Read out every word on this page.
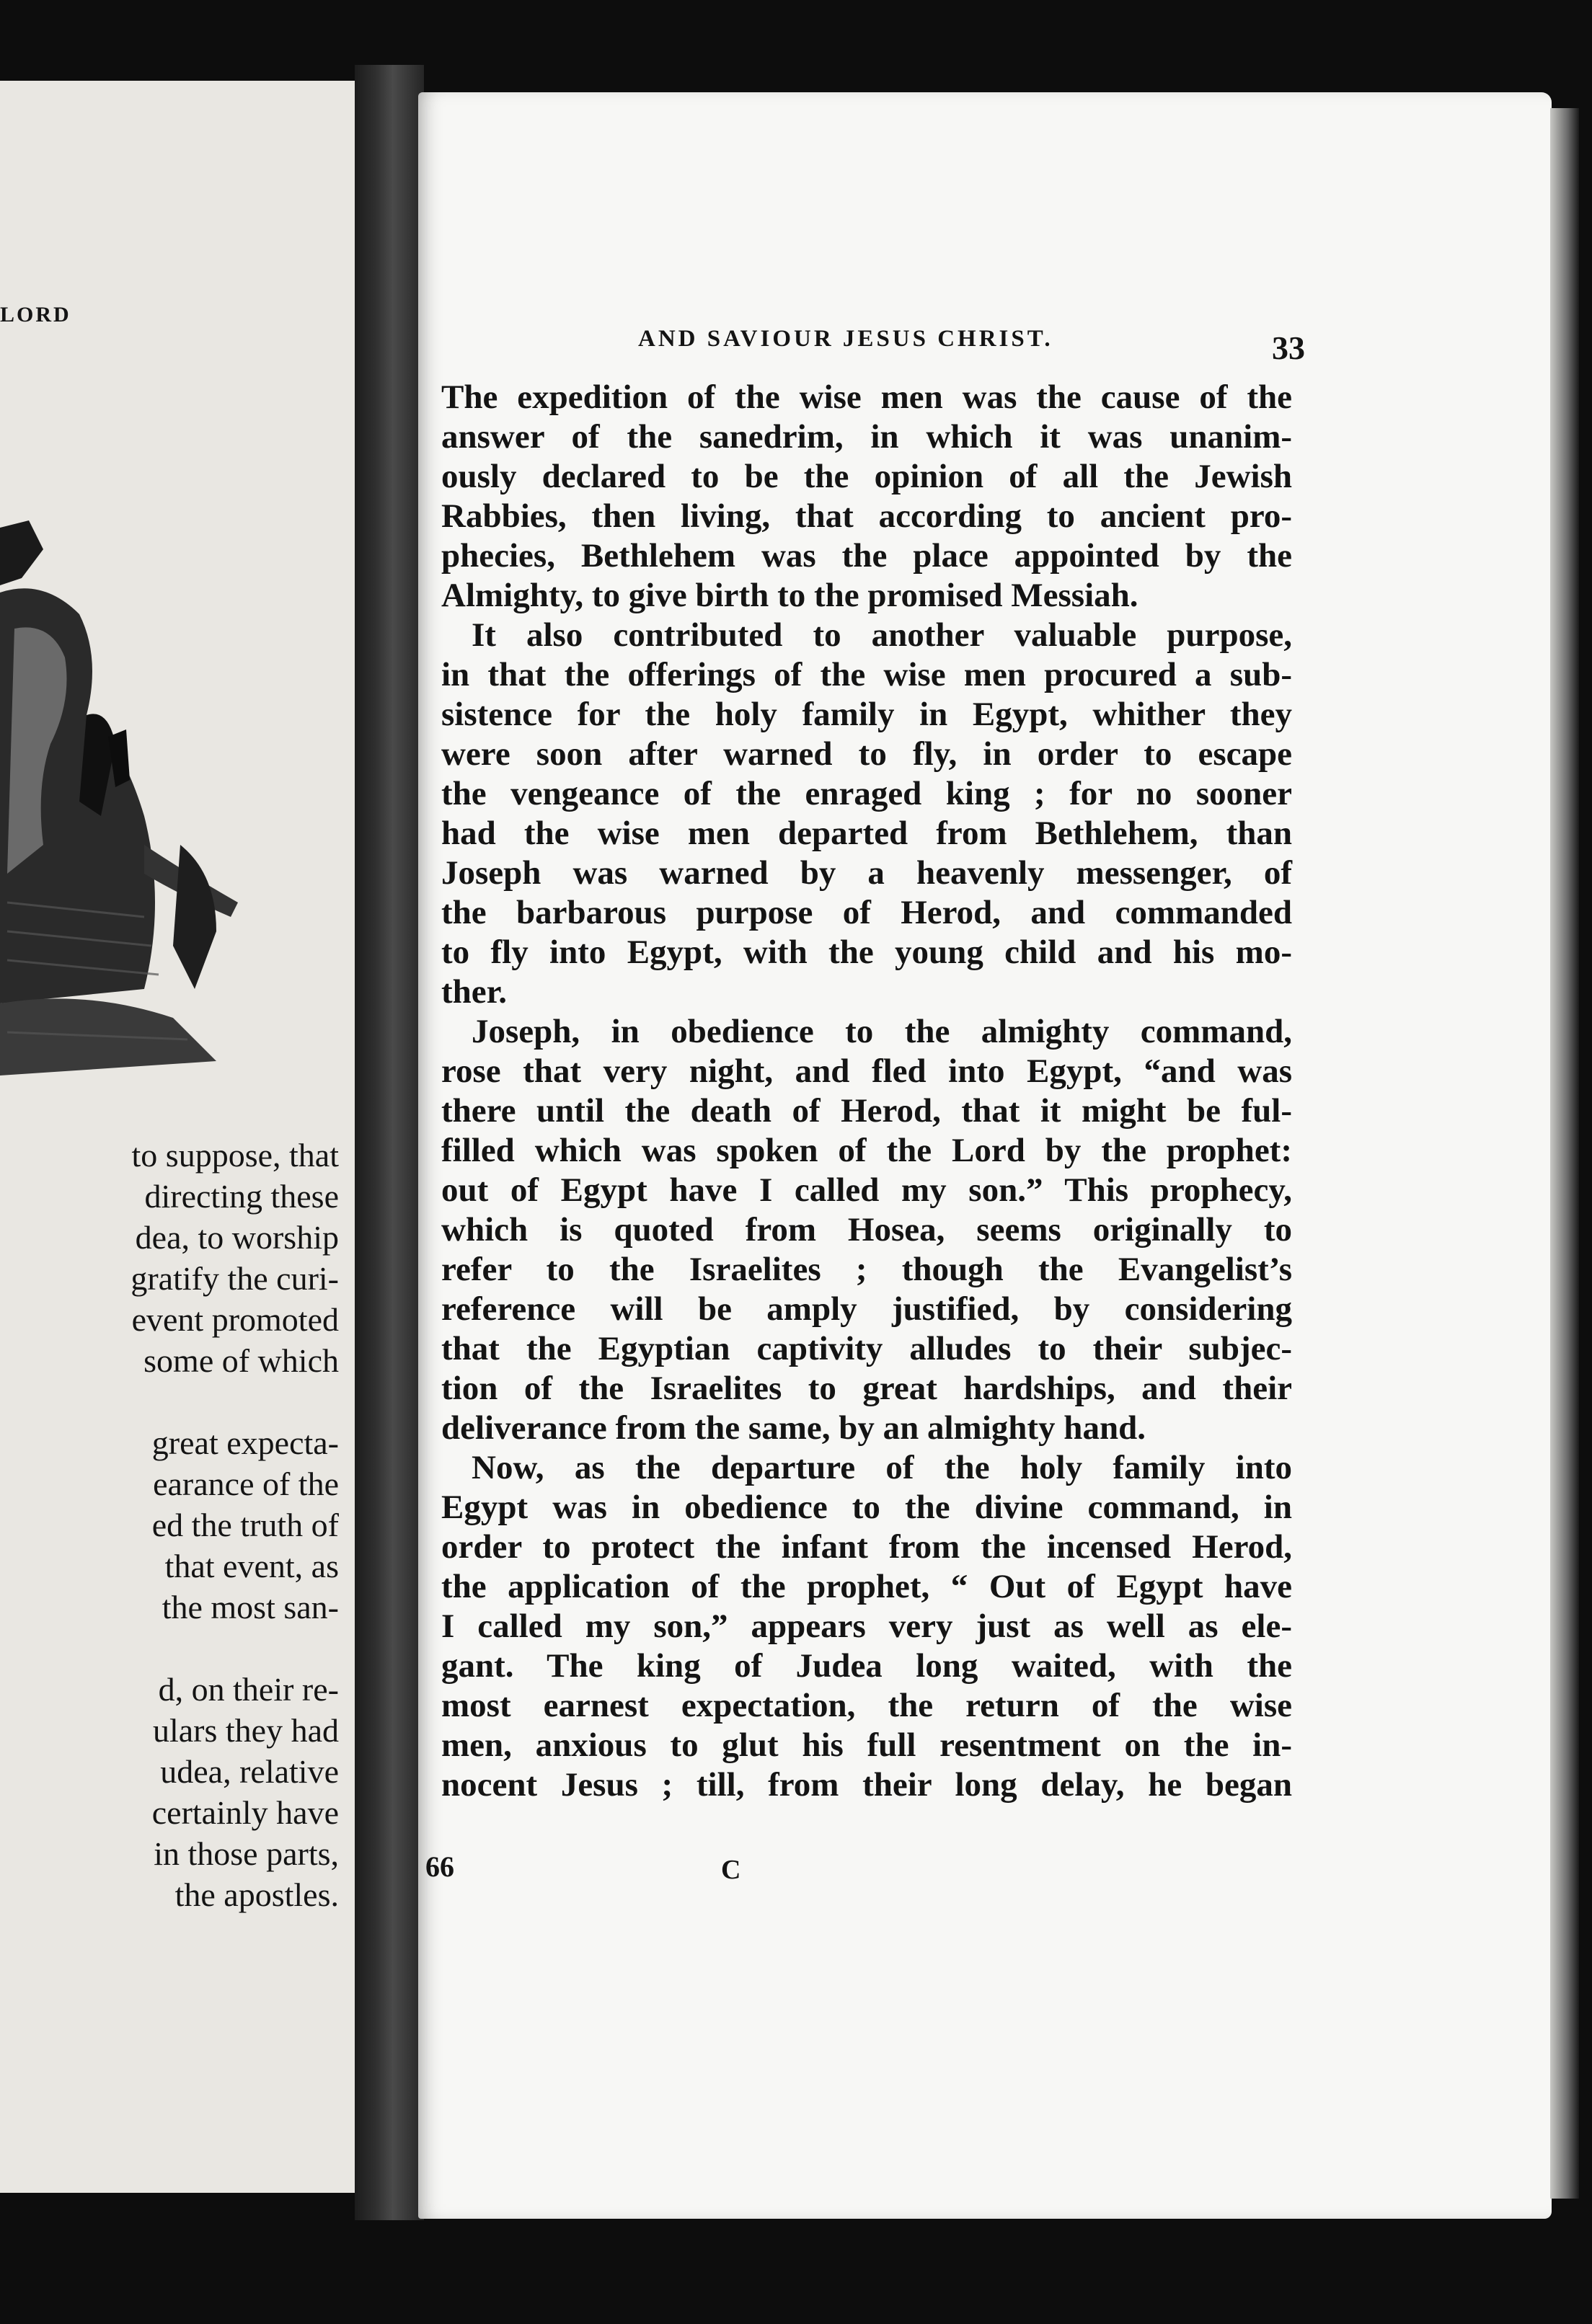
LORD
to suppose, that
directing these
dea, to worship
gratify the curi-
event promoted
some of which
great expecta-
earance of the
ed the truth of
that event, as
the most san-
d, on their re-
ulars they had
udea, relative
certainly have
in those parts,
the apostles.
AND SAVIOUR JESUS CHRIST.	33
The expedition of the wise men was the cause of the
answer of the sanedrim, in which it was unanim-
ously declared to be the opinion of all the Jewish
Rabbies, then living, that according to ancient pro-
phecies, Bethlehem was the place appointed by the
Almighty, to give birth to the promised Messiah.
It also contributed to another valuable purpose,
in that the offerings of the wise men procured a sub-
sistence for the holy family in Egypt, whither they
were soon after warned to fly, in order to escape
the vengeance of the enraged king ; for no sooner
had the wise men departed from Bethlehem, than
Joseph was warned by a heavenly messenger, of
the barbarous purpose of Herod, and commanded
to fly into Egypt, with the young child and his mo-
ther.
Joseph, in obedience to the almighty command,
rose that very night, and fled into Egypt, “and was
there until the death of Herod, that it might be ful-
filled which was spoken of the Lord by the prophet:
out of Egypt have I called my son.” This prophecy,
which is quoted from Hosea, seems originally to
refer to the Israelites ; though the Evangelist’s
reference will be amply justified, by considering
that the Egyptian captivity alludes to their subjec-
tion of the Israelites to great hardships, and their
deliverance from the same, by an almighty hand.
Now, as the departure of the holy family into
Egypt was in obedience to the divine command, in
order to protect the infant from the incensed Herod,
the application of the prophet, “ Out of Egypt have
I called my son,” appears very just as well as ele-
gant. The king of Judea long waited, with the
most earnest expectation, the return of the wise
men, anxious to glut his full resentment on the in-
nocent Jesus ; till, from their long delay, he began
66	C
